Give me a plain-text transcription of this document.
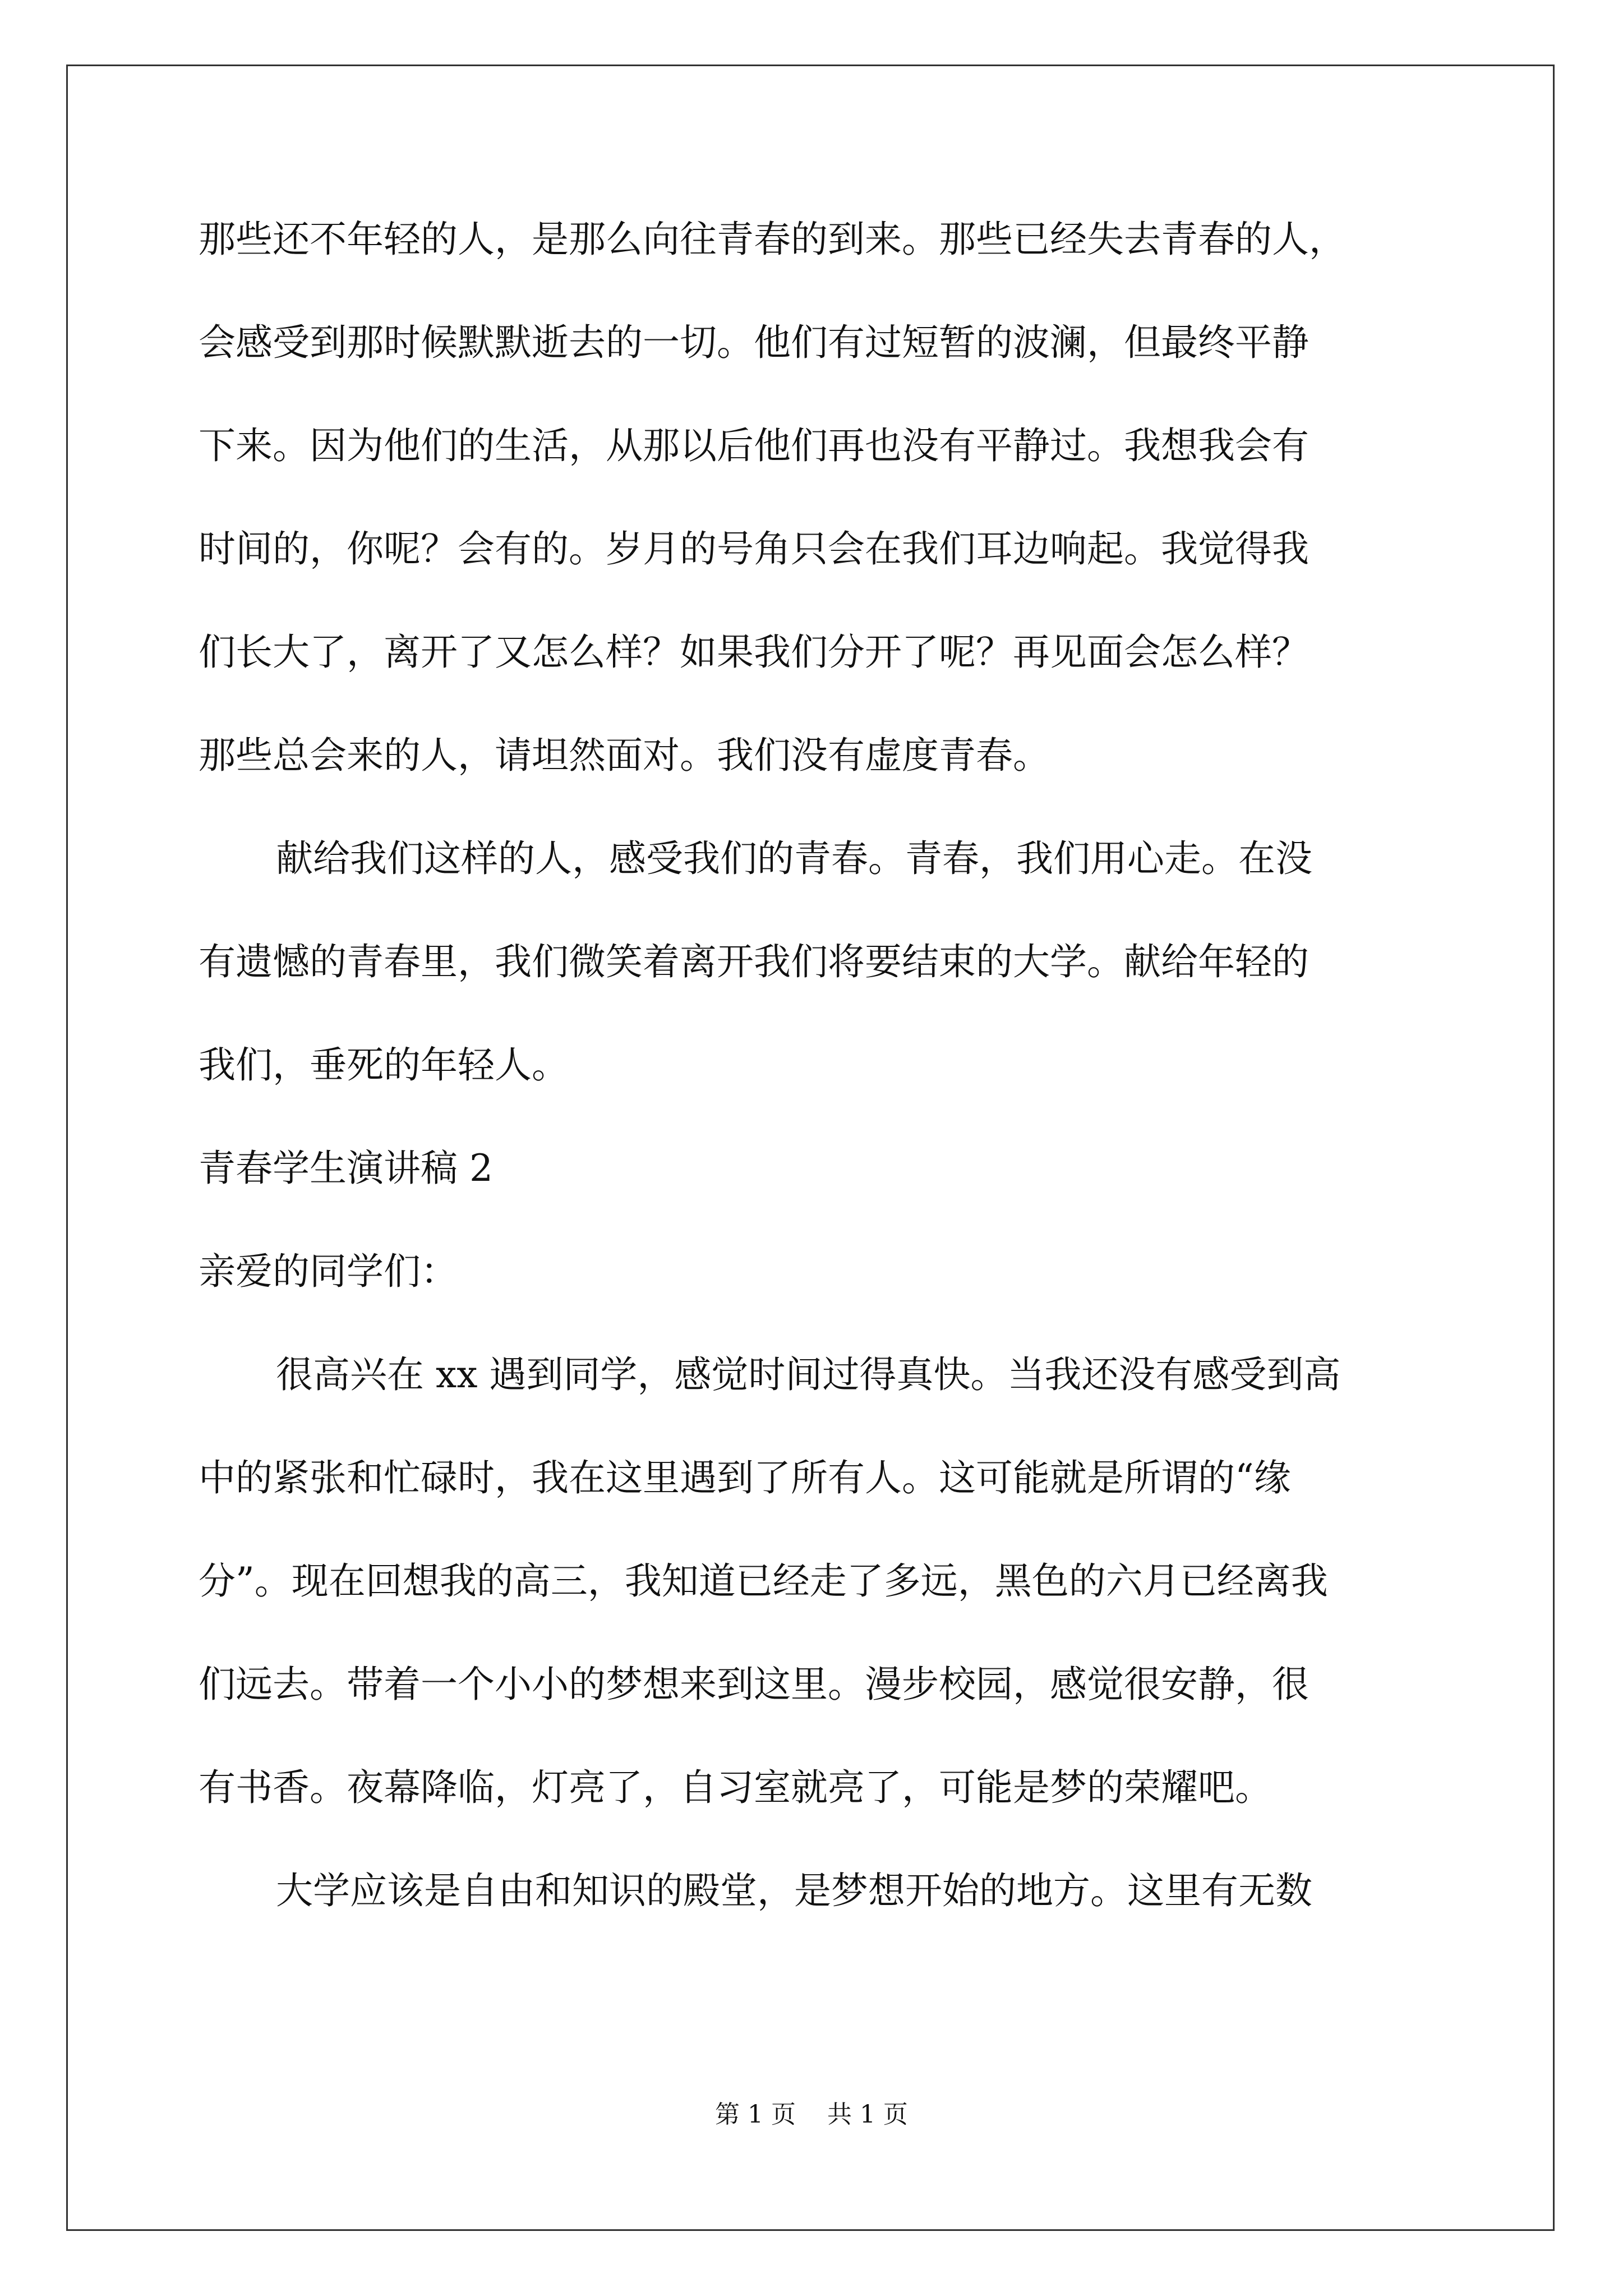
那些还不年轻的人，是那么向往青春的到来。那些已经失去青春的人，
会感受到那时候默默逝去的一切。他们有过短暂的波澜，但最终平静
下来。因为他们的生活，从那以后他们再也没有平静过。我想我会有
时间的，你呢？会有的。岁月的号角只会在我们耳边响起。我觉得我
们长大了，离开了又怎么样？如果我们分开了呢？再见面会怎么样？
那些总会来的人，请坦然面对。我们没有虚度青春。
献给我们这样的人，感受我们的青春。青春，我们用心走。在没
有遗憾的青春里，我们微笑着离开我们将要结束的大学。献给年轻的
我们，垂死的年轻人。
青春学生演讲稿 2
亲爱的同学们：
很高兴在 xx 遇到同学，感觉时间过得真快。当我还没有感受到高
中的紧张和忙碌时，我在这里遇到了所有人。这可能就是所谓的“缘
分”。现在回想我的高三，我知道已经走了多远，黑色的六月已经离我
们远去。带着一个小小的梦想来到这里。漫步校园，感觉很安静，很
有书香。夜幕降临，灯亮了，自习室就亮了，可能是梦的荣耀吧。
大学应该是自由和知识的殿堂，是梦想开始的地方。这里有无数
第 1 页    共 1 页
